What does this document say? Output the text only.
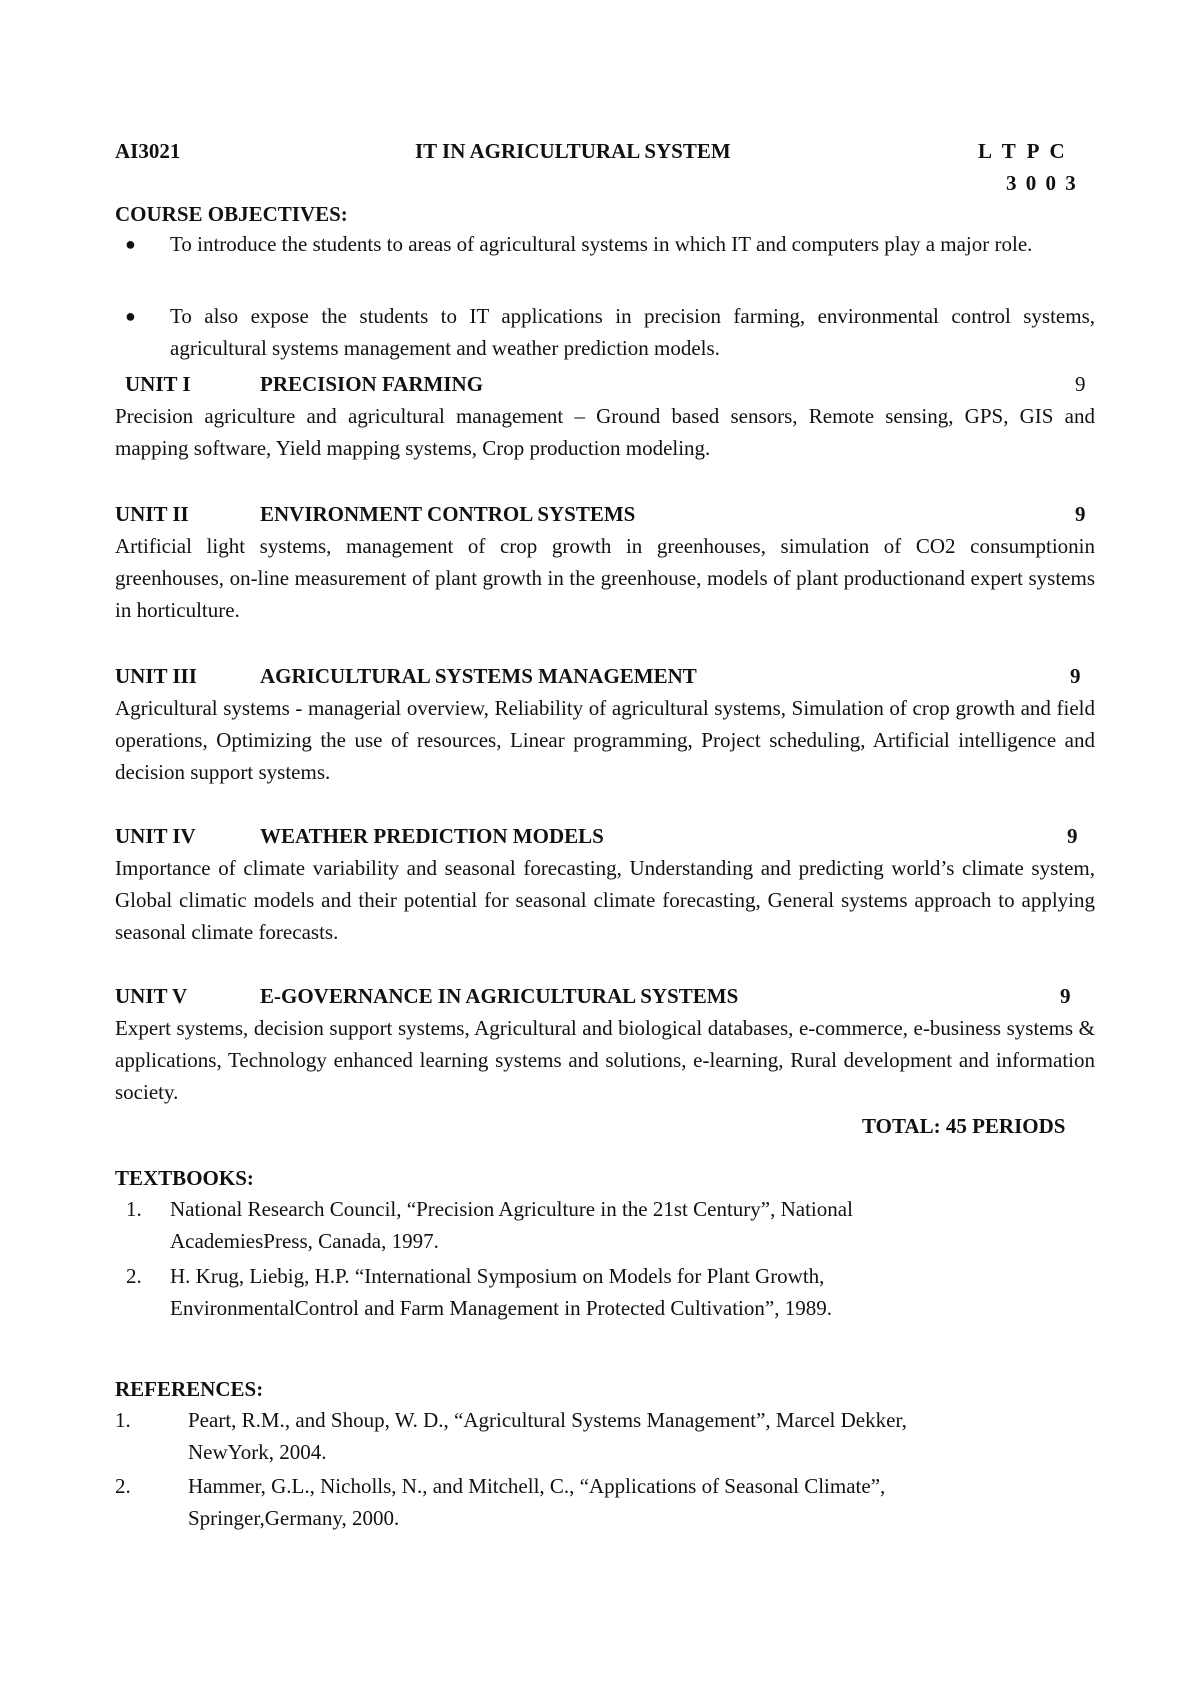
AI3021	IT IN AGRICULTURAL SYSTEM	L T P C
3 0 0 3
COURSE OBJECTIVES:
● To introduce the students to areas of agricultural systems in which IT and computers play a major role.
● To also expose the students to IT applications in precision farming, environmental control systems, agricultural systems management and weather prediction models.
UNIT I	PRECISION FARMING	9
Precision agriculture and agricultural management – Ground based sensors, Remote sensing, GPS, GIS and mapping software, Yield mapping systems, Crop production modeling.
UNIT II	ENVIRONMENT CONTROL SYSTEMS	9
Artificial light systems, management of crop growth in greenhouses, simulation of CO2 consumptionin greenhouses, on-line measurement of plant growth in the greenhouse, models of plant productionand expert systems in horticulture.
UNIT III	AGRICULTURAL SYSTEMS MANAGEMENT	9
Agricultural systems - managerial overview, Reliability of agricultural systems, Simulation of crop growth and field operations, Optimizing the use of resources, Linear programming, Project scheduling, Artificial intelligence and decision support systems.
UNIT IV	WEATHER PREDICTION MODELS	9
Importance of climate variability and seasonal forecasting, Understanding and predicting world’s climate system, Global climatic models and their potential for seasonal climate forecasting, General systems approach to applying seasonal climate forecasts.
UNIT V	E-GOVERNANCE IN AGRICULTURAL SYSTEMS	9
Expert systems, decision support systems, Agricultural and biological databases, e-commerce, e-business systems & applications, Technology enhanced learning systems and solutions, e-learning, Rural development and information society.
TOTAL: 45 PERIODS
TEXTBOOKS:
1. National Research Council, “Precision Agriculture in the 21st Century”, National
AcademiesPress, Canada, 1997.
2. H. Krug, Liebig, H.P. “International Symposium on Models for Plant Growth,
EnvironmentalControl and Farm Management in Protected Cultivation”, 1989.
REFERENCES:
1.	Peart, R.M., and Shoup, W. D., “Agricultural Systems Management”, Marcel Dekker,
NewYork, 2004.
2.	Hammer, G.L., Nicholls, N., and Mitchell, C., “Applications of Seasonal Climate”,
Springer,Germany, 2000.
